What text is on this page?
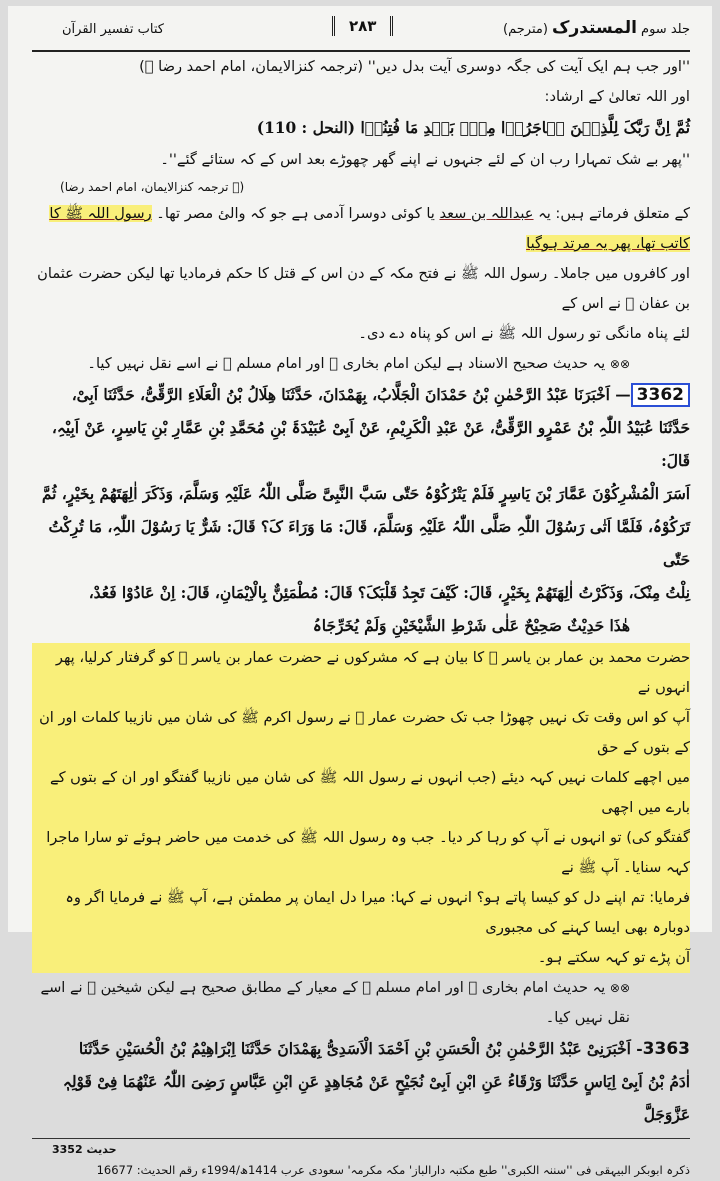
کتاب تفسیر القرآن	۲۸۳	(مترجم) جلد سوم المستدرک

''اور جب ہم ایک آیت کی جگہ دوسری آیت بدل دیں'' (ترجمہ کنزالایمان، امام احمد رضا ﷫)

اور اللہ تعالیٰ کے ارشاد:

ثُمَّ اِنَّ رَبَّکَ لِلَّذِیۡنَ ہَاجَرُوۡا مِنۡۢ بَعۡدِ مَا فُتِنُوۡا (النحل : 110)

''پھر بے شک تمہارا رب ان کے لئے جنہوں نے اپنے گھر چھوڑے بعد اس کے کہ ستائے گئے''۔

(ترجمہ کنزالایمان، امام احمد رضا ﷫)

کے متعلق فرماتے ہیں: یہ عبداللہ بن سعد یا کوئی دوسرا آدمی ہے جو کہ والیٔ مصر تھا۔ رسول اللہ ﷺ کا کاتب تھا، پھر یہ مرتد ہوگیا

اور کافروں میں جاملا۔ رسول اللہ ﷺ نے فتح مکہ کے دن اس کے قتل کا حکم فرمادیا تھا لیکن حضرت عثمان بن عفان ﷜ نے اس کے

لئے پناہ مانگی تو رسول اللہ ﷺ نے اس کو پناہ دے دی۔

⊗⊗ یہ حدیث صحیح الاسناد ہے لیکن امام بخاری ﷫ اور امام مسلم ﷫ نے اسے نقل نہیں کیا۔

3362— اَخْبَرَنَا عَبْدُ الرَّحْمٰنِ بْنُ حَمْدَانَ الْجَلَّابُ، بِھَمْدَانَ، حَدَّثَنَا ھِلَالُ بْنُ الْعَلَاءِ الرَّقِّیُّ، حَدَّثَنَا اَبِیْ،

حَدَّثَنَا عُبَیْدُ اللّٰہِ بْنُ عَمْرٍو الرَّقِّیُّ، عَنْ عَبْدِ الْکَرِیْمِ، عَنْ اَبِیْ عُبَیْدَۃَ بْنِ مُحَمَّدِ بْنِ عَمَّارِ بْنِ یَاسِرٍ، عَنْ اَبِیْہِ، قَالَ:

اَسَرَ الْمُشْرِکُوْنَ عَمَّارَ بْنَ یَاسِرٍ فَلَمْ یَتْرُکُوْہُ حَتّٰی سَبَّ النَّبِیَّ صَلَّی اللّٰہُ عَلَیْہِ وَسَلَّمَ، وَذَکَرَ اٰلِھَتَھُمْ بِخَیْرٍ، ثُمَّ

تَرَکُوْہُ، فَلَمَّا اَتٰی رَسُوْلَ اللّٰہِ صَلَّی اللّٰہُ عَلَیْہِ وَسَلَّمَ، قَالَ: مَا وَرَاءَ کَ؟ قَالَ: شَرٌّ یَا رَسُوْلَ اللّٰہِ، مَا تُرِکْتُ حَتّٰی

نِلْتُ مِنْکَ، وَذَکَرْتُ اٰلِھَتَھُمْ بِخَیْرٍ، قَالَ: کَیْفَ تَجِدُ قَلْبَکَ؟ قَالَ: مُطْمَئِنٌّ بِالْاِیْمَانِ، قَالَ: اِنْ عَادُوْا فَعُدْ،

ھٰذَا حَدِیْثٌ صَحِیْحٌ عَلٰی شَرْطِ الشَّیْخَیْنِ وَلَمْ یُخَرِّجَاہُ

حضرت محمد بن عمار بن یاسر ﷜ کا بیان ہے کہ مشرکوں نے حضرت عمار بن یاسر ﷜ کو گرفتار کرلیا، پھر انہوں نے

آپ کو اس وقت تک نہیں چھوڑا جب تک حضرت عمار ﷜ نے رسول اکرم ﷺ کی شان میں نازیبا کلمات اور ان کے بتوں کے حق

میں اچھے کلمات نہیں کہہ دیئے (جب انہوں نے رسول اللہ ﷺ کی شان میں نازیبا گفتگو اور ان کے بتوں کے بارے میں اچھی

گفتگو کی) تو انہوں نے آپ کو رہا کر دیا۔ جب وہ رسول اللہ ﷺ کی خدمت میں حاضر ہوئے تو سارا ماجرا کہہ سنایا۔ آپ ﷺ نے

فرمایا: تم اپنے دل کو کیسا پاتے ہو؟ انہوں نے کہا: میرا دل ایمان پر مطمئن ہے، آپ ﷺ نے فرمایا اگر وہ دوبارہ بھی ایسا کہنے کی مجبوری

آن پڑے تو کہہ سکتے ہو۔

⊗⊗ یہ حدیث امام بخاری ﷫ اور امام مسلم ﷫ کے معیار کے مطابق صحیح ہے لیکن شیخین ﷫ نے اسے نقل نہیں کیا۔

3363- اَخْبَرَنِیْ عَبْدُ الرَّحْمٰنِ بْنُ الْحَسَنِ بْنِ اَحْمَدَ الْاَسَدِیُّ بِھَمْدَانَ حَدَّثَنَا اِبْرَاھِیْمُ بْنُ الْحُسَیْنِ حَدَّثَنَا

اٰدَمُ بْنُ اَبِیْ اِیَاسٍ حَدَّثَنَا وَرْقَاءُ عَنِ ابْنِ اَبِیْ نُجَیْحٍ عَنْ مُجَاھِدٍ عَنِ ابْنِ عَبَّاسٍ رَضِیَ اللّٰہُ عَنْھُمَا فِیْ قَوْلِہٖ عَزَّوَجَلَّ

حدیث 3352

ذکرہ ابوبکر البیہقی فی ''سننہ الکبری'' طبع مکتبہ دارالباز' مکہ مکرمہ' سعودی عرب 1414ھ/1994ء رقم الحدیث: 16677
